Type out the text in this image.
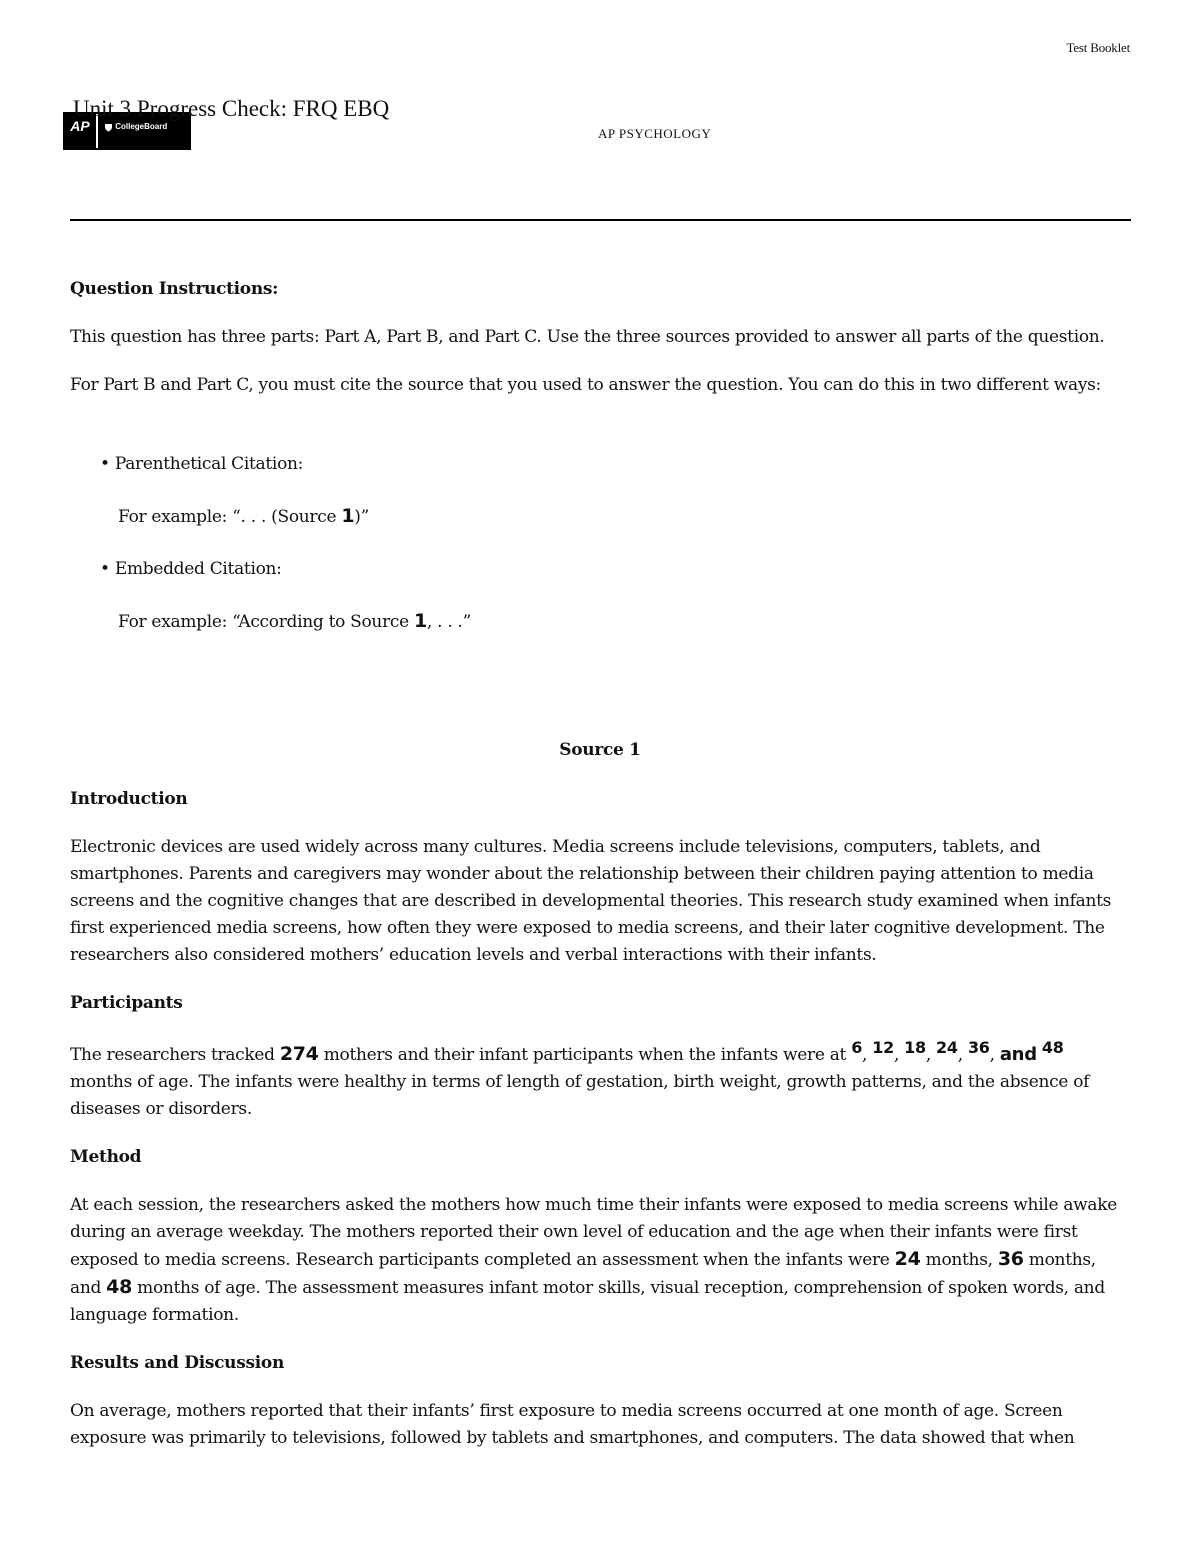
Test Booklet
AP	CollegeBoard
Unit 3 Progress Check: FRQ EBQ
AP PSYCHOLOGY

Question Instructions:

This question has three parts: Part A, Part B, and Part C. Use the three sources provided to answer all parts of the question.

For Part B and Part C, you must cite the source that you used to answer the question. You can do this in two different ways:

• Parenthetical Citation:

For example: “. . . (Source 1)”

• Embedded Citation:

For example: “According to Source 1, . . .”

Source 1

Introduction

Electronic devices are used widely across many cultures. Media screens include televisions, computers, tablets, and smartphones. Parents and caregivers may wonder about the relationship between their children paying attention to media screens and the cognitive changes that are described in developmental theories. This research study examined when infants first experienced media screens, how often they were exposed to media screens, and their later cognitive development. The researchers also considered mothers’ education levels and verbal interactions with their infants.

Participants

The researchers tracked 274 mothers and their infant participants when the infants were at 6, 12, 18, 24, 36, and 48 months of age. The infants were healthy in terms of length of gestation, birth weight, growth patterns, and the absence of diseases or disorders.

Method

At each session, the researchers asked the mothers how much time their infants were exposed to media screens while awake during an average weekday. The mothers reported their own level of education and the age when their infants were first exposed to media screens. Research participants completed an assessment when the infants were 24 months, 36 months, and 48 months of age. The assessment measures infant motor skills, visual reception, comprehension of spoken words, and language formation.

Results and Discussion

On average, mothers reported that their infants’ first exposure to media screens occurred at one month of age. Screen exposure was primarily to televisions, followed by tablets and smartphones, and computers. The data showed that when
